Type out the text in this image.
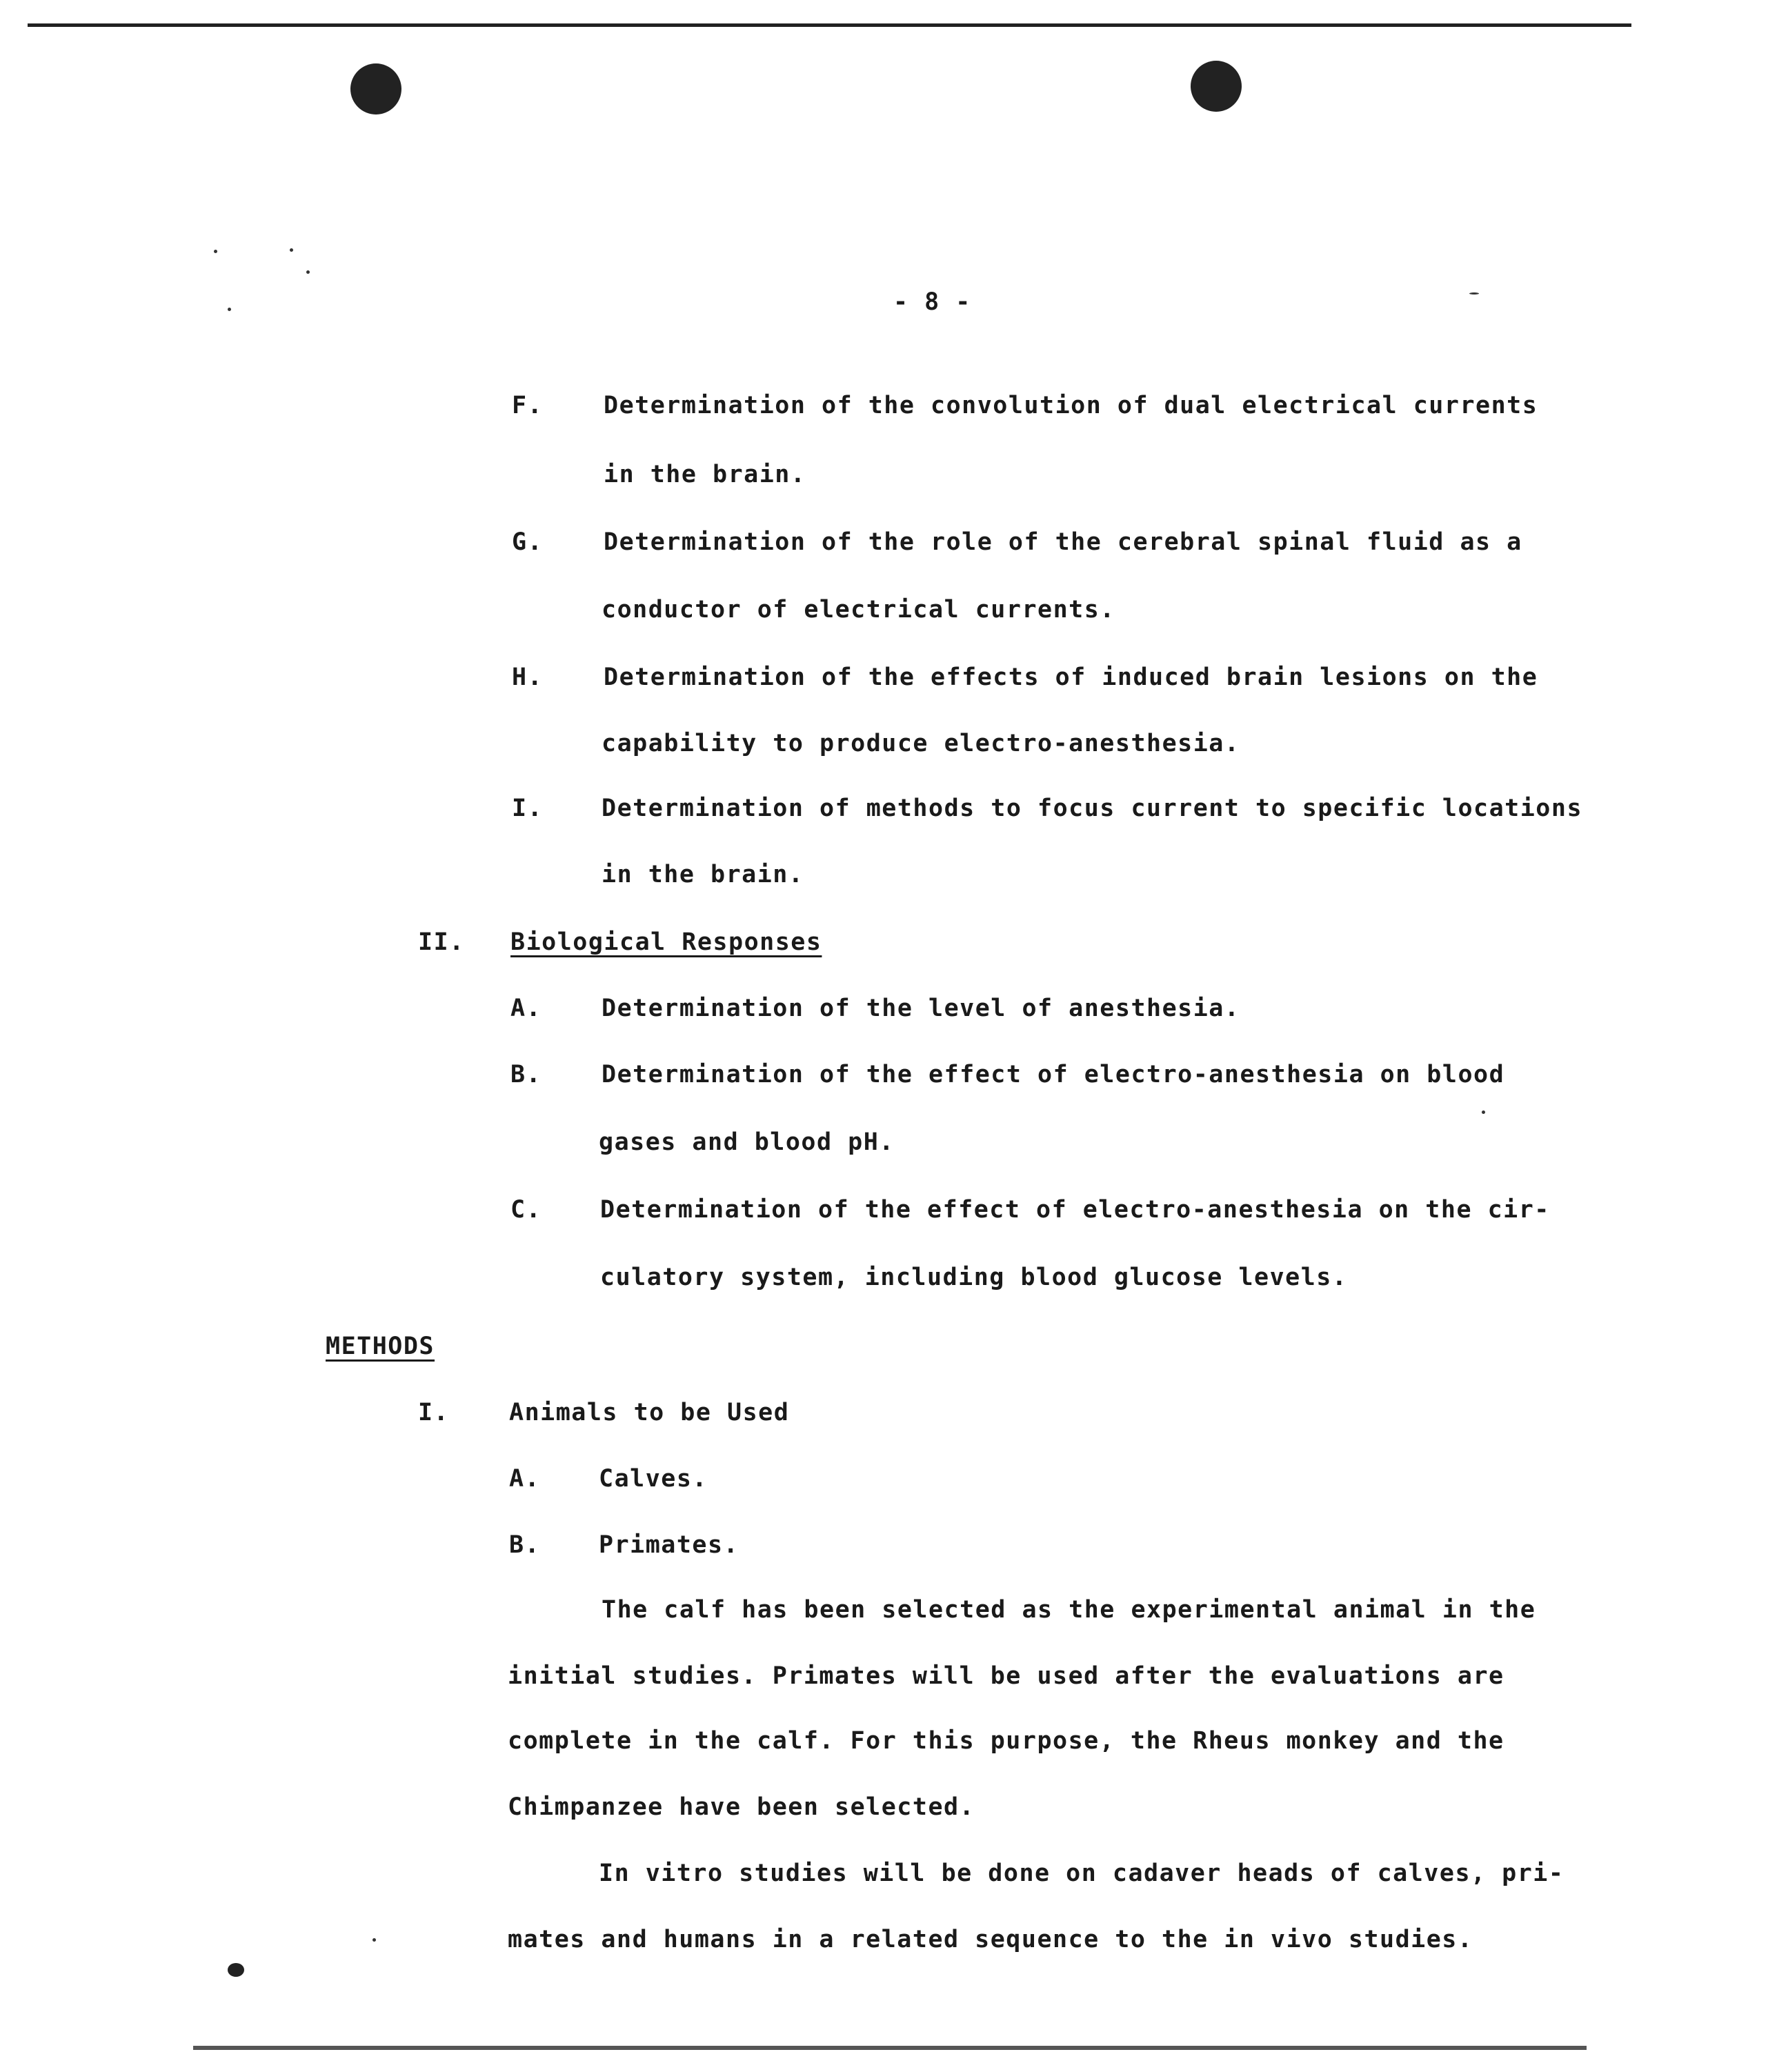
- 8 -
F.	Determination of the convolution of dual electrical currents
in the brain.
G.	Determination of the role of the cerebral spinal fluid as a
conductor of electrical currents.
H.	Determination of the effects of induced brain lesions on the
capability to produce electro-anesthesia.
I. Determination of methods to focus current to specific locations
in the brain.
II. Biological Responses
A. Determination of the level of anesthesia.
B. Determination of the effect of electro-anesthesia on blood
gases and blood pH.
C. Determination of the effect of electro-anesthesia on the cir-
culatory system, including blood glucose levels.
METHODS
I. Animals to be Used
A. Calves.
B. Primates.
The calf has been selected as the experimental animal in the
initial studies. Primates will be used after the evaluations are
complete in the calf. For this purpose, the Rheus monkey and the
Chimpanzee have been selected.
In vitro studies will be done on cadaver heads of calves, pri-
mates and humans in a related sequence to the in vivo studies.
